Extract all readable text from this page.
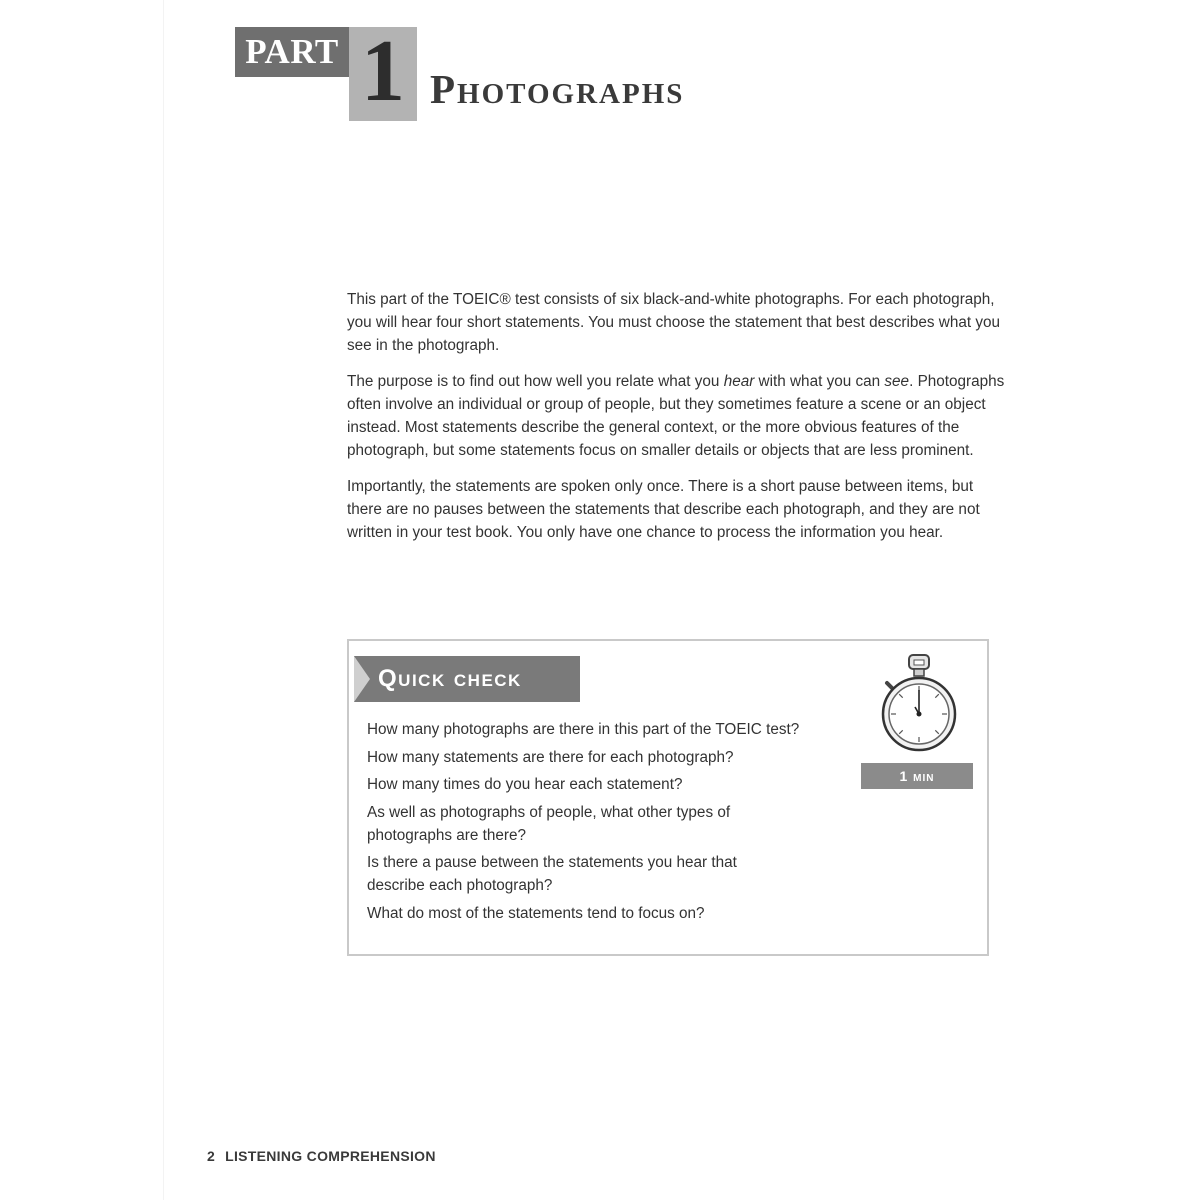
PART 1 Photographs

This part of the TOEIC® test consists of six black-and-white photographs. For each photograph, you will hear four short statements. You must choose the statement that best describes what you see in the photograph.

The purpose is to find out how well you relate what you hear with what you can see. Photographs often involve an individual or group of people, but they sometimes feature a scene or an object instead. Most statements describe the general context, or the more obvious features of the photograph, but some statements focus on smaller details or objects that are less prominent.

Importantly, the statements are spoken only once. There is a short pause between items, but there are no pauses between the statements that describe each photograph, and they are not written in your test book. You only have one chance to process the information you hear.

Quick check
How many photographs are there in this part of the TOEIC test?
How many statements are there for each photograph?
How many times do you hear each statement?
As well as photographs of people, what other types of photographs are there?
Is there a pause between the statements you hear that describe each photograph?
What do most of the statements tend to focus on?
1 min
2 LISTENING COMPREHENSION
